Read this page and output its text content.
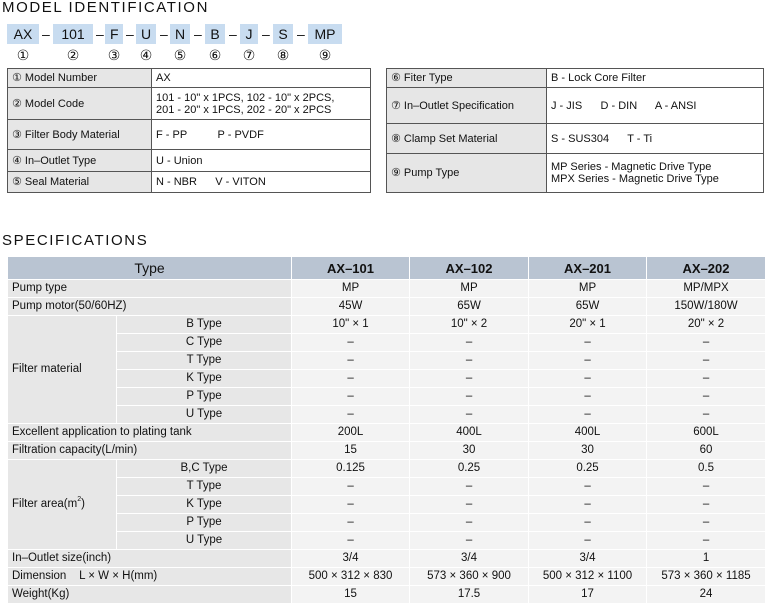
MODEL IDENTIFICATION
AX
①
– 101
②
– F
③
– U
④
– N
⑤
– B
⑥
– J
⑦
– S
⑧
– MP
⑨
① Model Number	AX
② Model Code	101 - 10" x 1PCS, 102 - 10" x 2PCS,
201 - 20" x 1PCS, 202 - 20" x 2PCS
③ Filter Body Material	F - PP          P - PVDF
④ In–Outlet Type	U - Union
⑤ Seal Material	N - NBR      V - VITON
⑥ Fiter Type	B - Lock Core Filter
⑦ In–Outlet Specification	J - JIS      D - DIN      A - ANSI
⑧ Clamp Set Material	S - SUS304      T - Ti
⑨ Pump Type	MP Series - Magnetic Drive Type
MPX Series - Magnetic Drive Type
SPECIFICATIONS
Type		AX–101	AX–102	AX–201	AX–202
Pump type		MP	MP	MP	MP/MPX
Pump motor(50/60HZ)		45W	65W	65W	150W/180W
Filter material	B Type	10" × 1	10" × 2	20" × 1	20" × 2
	C Type	–	–	–	–
	T Type	–	–	–	–
	K Type	–	–	–	–
	P Type	–	–	–	–
	U Type	–	–	–	–
Excellent application to plating tank		200L	400L	400L	600L
Filtration capacity(L/min)		15	30	30	60
Filter $area(m^2)$	B,C Type	0.125	0.25	0.25	0.5
	T Type	–	–	–	–
	K Type	–	–	–	–
	P Type	–	–	–	–
	U Type	–	–	–	–
In–Outlet size(inch)		3/4	3/4	3/4	1
Dimension    L × W × H(mm)		500 × 312 × 830	573 × 360 × 900	500 × 312 × 1100	573 × 360 × 1185
Weight(Kg)		15	17.5	17	24
